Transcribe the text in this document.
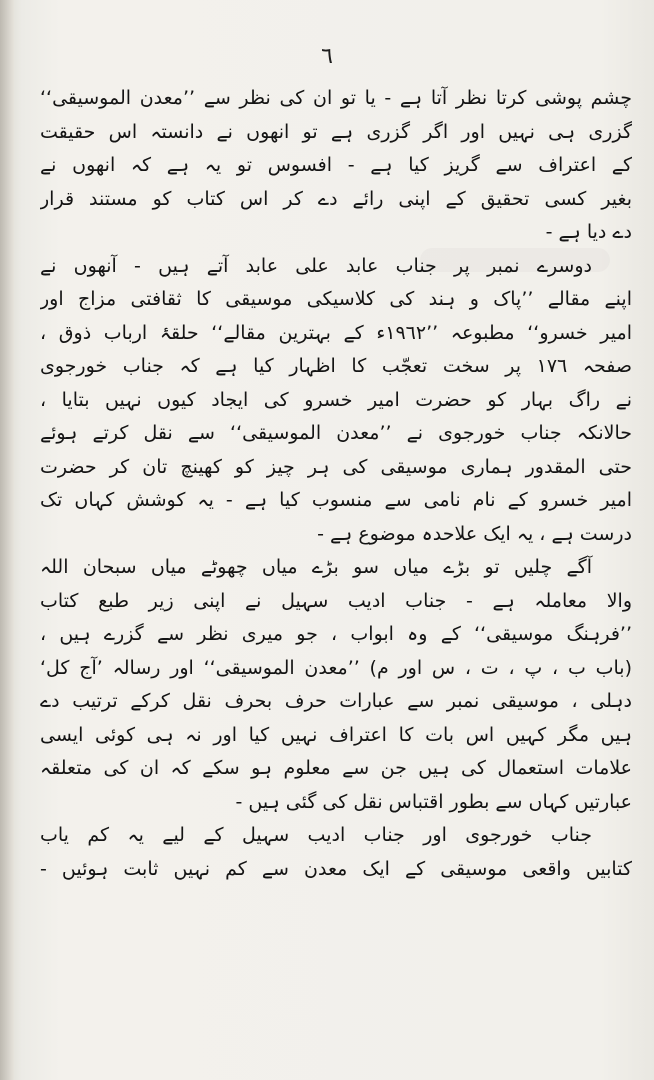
٦
چشم پوشی کرتا نظر آتا ہے - یا تو ان کی نظر سے ’’معدن الموسیقی‘‘
گزری ہی نہیں اور اگر گزری ہے تو انھوں نے دانستہ اس حقیقت
کے اعتراف سے گریز کیا ہے - افسوس تو یہ ہے کہ انھوں نے
بغیر کسی تحقیق کے اپنی رائے دے کر اس کتاب کو مستند قرار
دے دیا ہے -
دوسرے نمبر پر جناب عابد علی عابد آتے ہیں - آنھوں نے
اپنے مقالے ’’پاک و ہند کی کلاسیکی موسیقی کا ثقافتی مزاج اور
امیر خسرو‘‘ مطبوعہ ’’١٩٦٢ء کے بہترین مقالے‘‘ حلقۂ ارباب ذوق ،
صفحہ ١٧٦ پر سخت تعجّب کا اظہار کیا ہے کہ جناب خورجوی
نے راگ بہار کو حضرت امیر خسرو کی ایجاد کیوں نہیں بتایا ،
حالانکہ جناب خورجوی نے ’’معدن الموسیقی‘‘ سے نقل کرتے ہوئے
حتی المقدور ہماری موسیقی کی ہر چیز کو کھینچ تان کر حضرت
امیر خسرو کے نام نامی سے منسوب کیا ہے - یہ کوشش کہاں تک
درست ہے ، یہ ایک علاحدہ موضوع ہے -
آگے چلیں تو بڑے میاں سو بڑے میاں چھوٹے میاں سبحان اللہ
والا معاملہ ہے - جناب ادیب سہیل نے اپنی زیر طبع کتاب
’’فرہنگ موسیقی‘‘ کے وہ ابواب ، جو میری نظر سے گزرے ہیں ،
(باب ب ، پ ، ت ، س اور م) ’’معدن الموسیقی‘‘ اور رسالہ ’آج کل‘
دہلی ، موسیقی نمبر سے عبارات حرف بحرف نقل کرکے ترتیب دے
ہیں مگر کہیں اس بات کا اعتراف نہیں کیا اور نہ ہی کوئی ایسی
علامات استعمال کی ہیں جن سے معلوم ہو سکے کہ ان کی متعلقہ
عبارتیں کہاں سے بطور اقتباس نقل کی گئی ہیں -
جناب خورجوی اور جناب ادیب سہیل کے لیے یہ کم یاب
کتابیں واقعی موسیقی کے ایک معدن سے کم نہیں ثابت ہوئیں -
